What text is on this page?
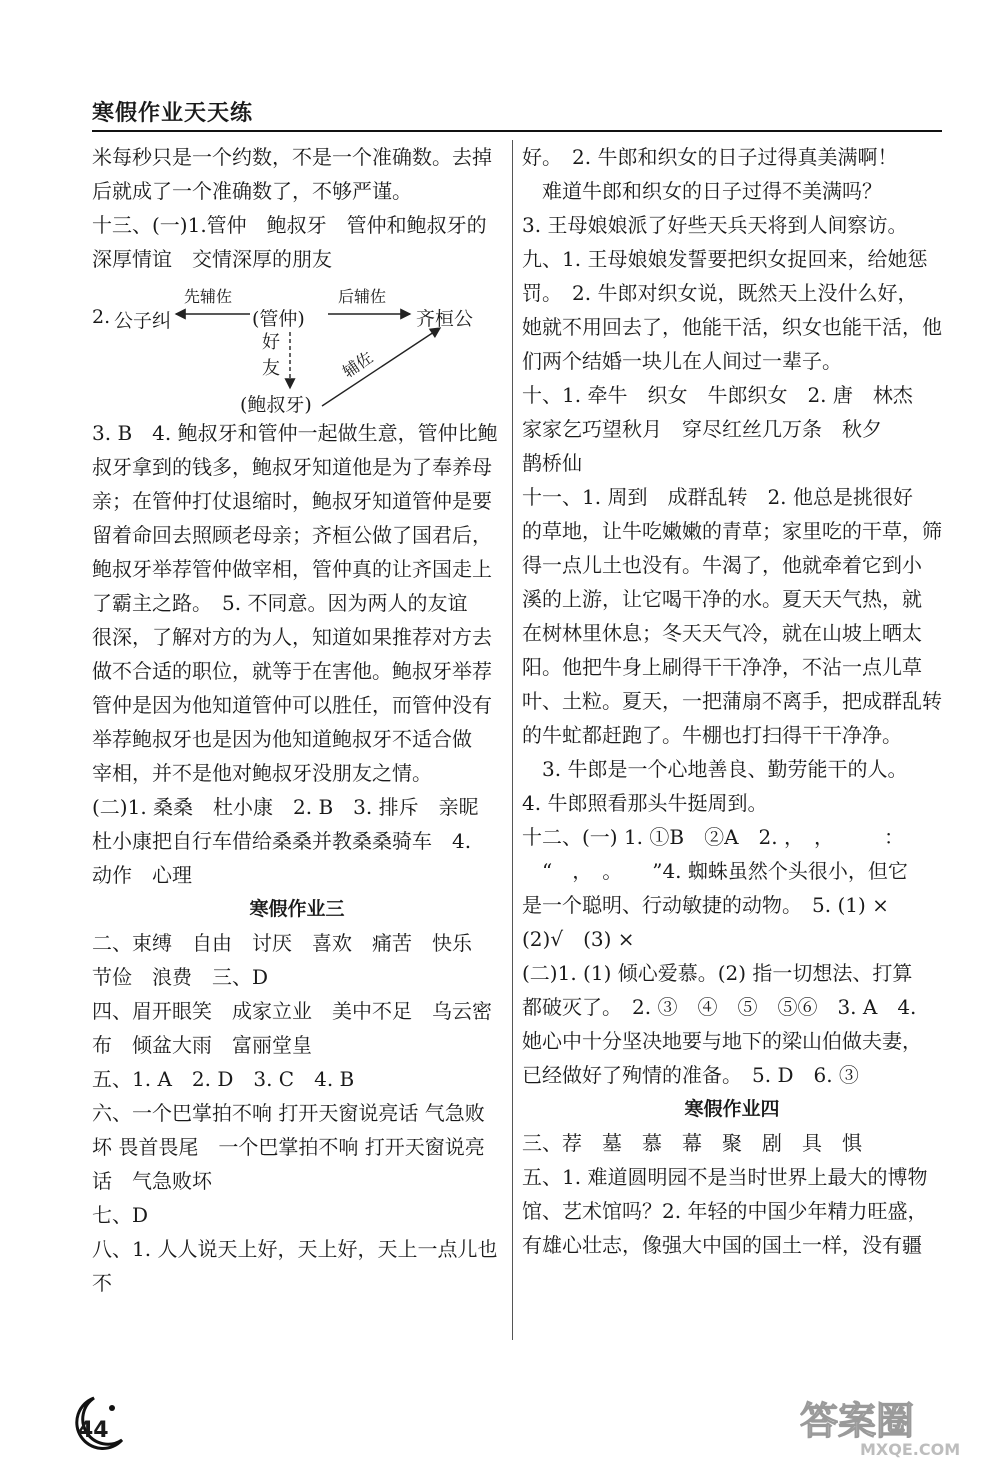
寒假作业天天练

米每秒只是一个约数，不是一个准确数。去掉

后就成了一个准确数了，不够严谨。

十三、(一)1.管仲　鲍叔牙　管仲和鲍叔牙的

深厚情谊　交情深厚的朋友

2. 公子纠	(管仲)	齐桓公
(鲍叔牙)
先辅佐	后辅佐
好友	辅佐

3. B　4. 鲍叔牙和管仲一起做生意，管仲比鲍

叔牙拿到的钱多，鲍叔牙知道他是为了奉养母

亲；在管仲打仗退缩时，鲍叔牙知道管仲是要

留着命回去照顾老母亲；齐桓公做了国君后，

鲍叔牙举荐管仲做宰相，管仲真的让齐国走上

了霸主之路。　5. 不同意。因为两人的友谊

很深，了解对方的为人，知道如果推荐对方去

做不合适的职位，就等于在害他。鲍叔牙举荐

管仲是因为他知道管仲可以胜任，而管仲没有

举荐鲍叔牙也是因为他知道鲍叔牙不适合做

宰相，并不是他对鲍叔牙没朋友之情。

(二)1. 桑桑　杜小康　2. B　3. 排斥　亲昵

杜小康把自行车借给桑桑并教桑桑骑车　4.

动作　心理

寒假作业三

二、束缚　自由　讨厌　喜欢　痛苦　快乐

节俭　浪费　三、D

四、眉开眼笑　成家立业　美中不足　乌云密

布　倾盆大雨　富丽堂皇

五、1. A　2. D　3. C　4. B

六、一个巴掌拍不响 打开天窗说亮话 气急败

坏 畏首畏尾　一个巴掌拍不响 打开天窗说亮

话　气急败坏

七、D

八、1. 人人说天上好，天上好，天上一点儿也不

好。　2. 牛郎和织女的日子过得真美满啊！

　难道牛郎和织女的日子过得不美满吗？

3. 王母娘娘派了好些天兵天将到人间察访。

九、1. 王母娘娘发誓要把织女捉回来，给她惩

罚。　2. 牛郎对织女说，既然天上没什么好，

她就不用回去了，他能干活，织女也能干活，他

们两个结婚一块儿在人间过一辈子。

十、1. 牵牛　织女　牛郎织女　2. 唐　林杰

家家乞巧望秋月　穿尽红丝几万条　秋夕

鹊桥仙

十一、1. 周到　成群乱转　2. 他总是挑很好

的草地，让牛吃嫩嫩的青草；家里吃的干草，筛

得一点儿土也没有。牛渴了，他就牵着它到小

溪的上游，让它喝干净的水。夏天天气热，就

在树林里休息；冬天天气冷，就在山坡上晒太

阳。他把牛身上刷得干干净净，不沾一点儿草

叶、土粒。夏天，一把蒲扇不离手，把成群乱转

的牛虻都赶跑了。牛棚也打扫得干干净净。

　3. 牛郎是一个心地善良、勤劳能干的人。

4. 牛郎照看那头牛挺周到。

十二、(一) 1. ①B　②A　2. ，　，　　　：

　“　，　。　　”4. 蜘蛛虽然个头很小，但它

是一个聪明、行动敏捷的动物。　5. (1) ×

(2)√　(3) ×

(二)1. (1) 倾心爱慕。(2) 指一切想法、打算

都破灭了。　2. ③　④　⑤　⑤⑥　3. A　4.

她心中十分坚决地要与地下的梁山伯做夫妻，

已经做好了殉情的准备。　5. D　6. ③

寒假作业四

三、荐　墓　慕　幕　聚　剧　具　惧

五、1. 难道圆明园不是当时世界上最大的博物

馆、艺术馆吗？2. 年轻的中国少年精力旺盛，

有雄心壮志，像强大中国的国土一样，没有疆

44	答案圈
MXQE.COM
